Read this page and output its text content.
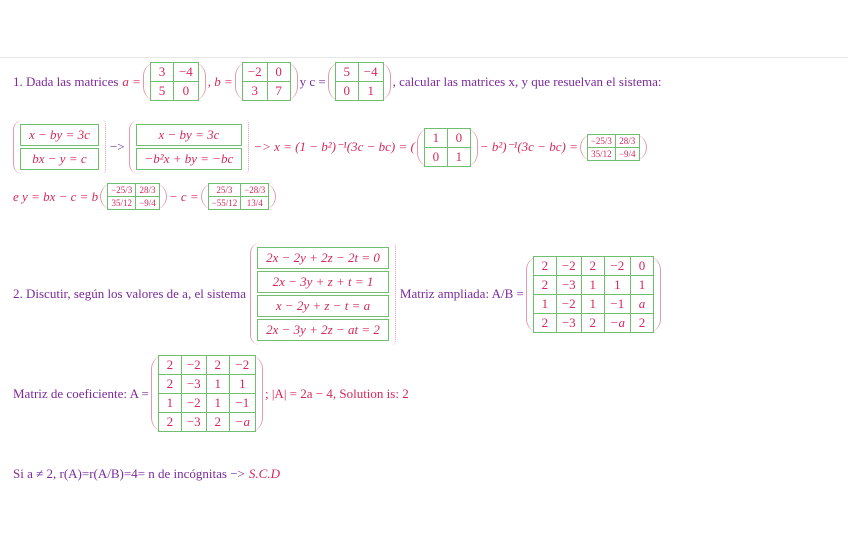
1. Dada las matrices a =
3	−4
5	0
, b =
−2	0
3	7
y c =
5	−4
0	1
, calcular las matrices x, y que resuelvan el sistema:
x − by = 3c
bx − y = c
−>
x − by = 3c
−b²x + by = −bc
−> x = (1 − b²)⁻¹(3c − bc) = (
1	0
0	1
− b²)⁻¹(3c − bc) = −25/3	28/3
35/12	−9/4
e y = bx − c = b −25/3	28/3
35/12	−9/4 − c = 25/3	−28/3
−55/12	13/4
2. Discutir, según los valores de a, el sistema
2x − 2y + 2z − 2t = 0
2x − 3y + z + t = 1
x − 2y + z − t = a
2x − 3y + 2z − at = 2
Matriz ampliada: A/B =
2	−2	2	−2	0
2	−3	1	1	1
1	−2	1	−1	a
2	−3	2	−a	2
Matriz de coeficiente: A =
2	−2	2	−2
2	−3	1	1
1	−2	1	−1
2	−3	2	−a
; |A| = 2a − 4, Solution is: 2
Si a ≠ 2, r(A)=r(A/B)=4= n de incógnitas −> S.C.D
